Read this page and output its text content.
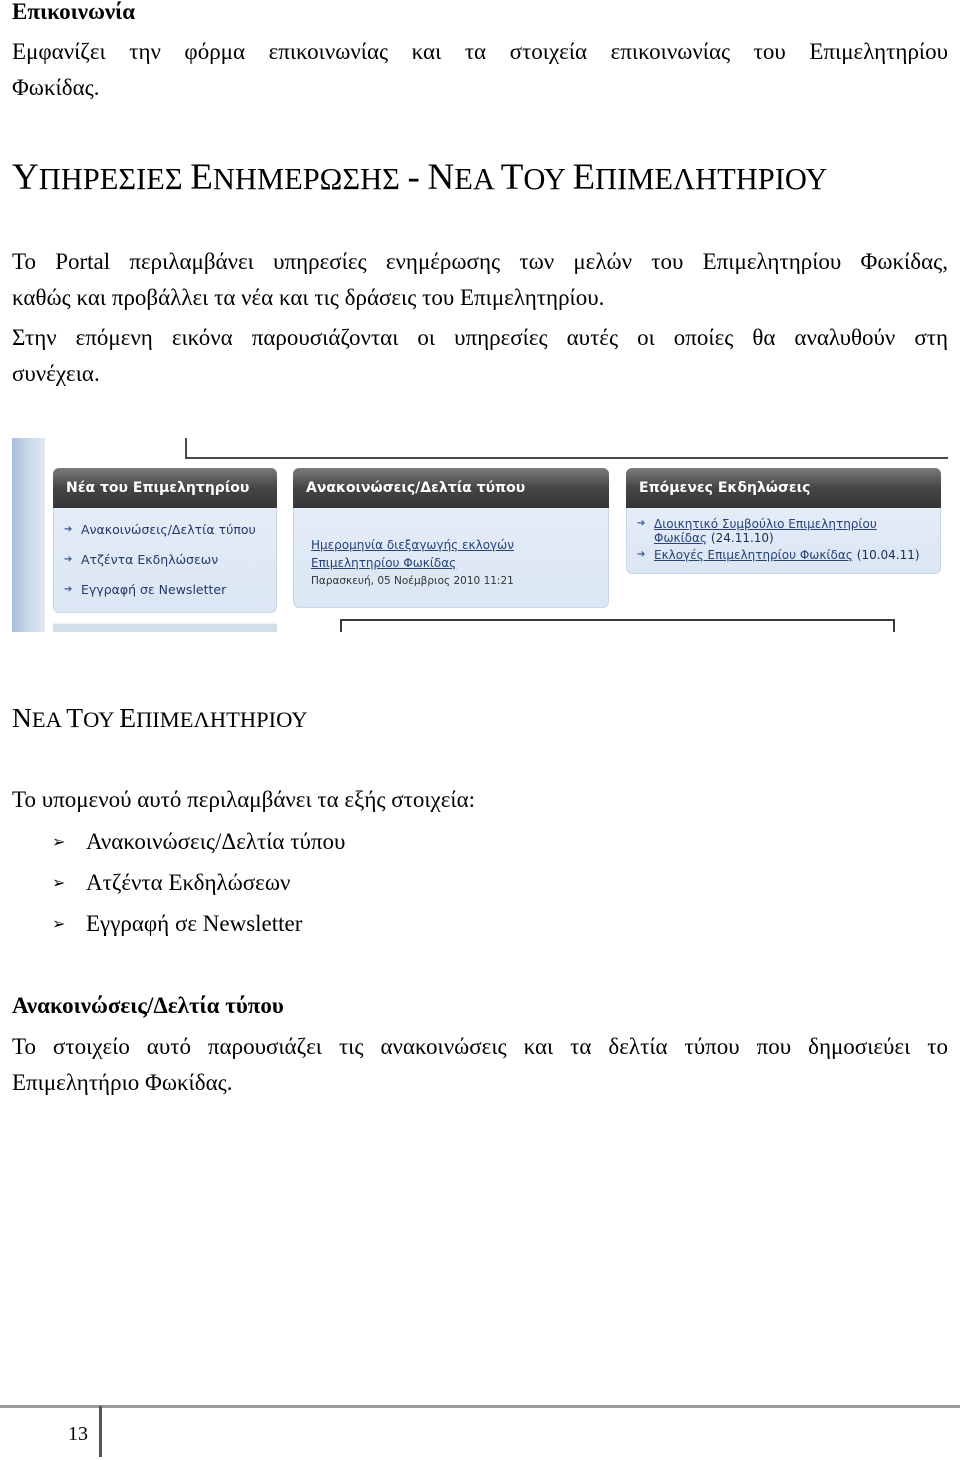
Επικοινωνία
Εμφανίζει την φόρμα επικοινωνίας και τα στοιχεία επικοινωνίας του Επιμελητηρίου
Φωκίδας.
ΥΠΗΡΕΣΙΕΣ ΕΝΗΜΕΡΩΣΗΣ - ΝΕΑ ΤΟΥ ΕΠΙΜΕΛΗΤΗΡΙΟΥ
Το Portal περιλαμβάνει υπηρεσίες ενημέρωσης των μελών του Επιμελητηρίου Φωκίδας,
καθώς και προβάλλει τα νέα και τις δράσεις του Επιμελητηρίου.
Στην επόμενη εικόνα παρουσιάζονται οι υπηρεσίες αυτές οι οποίες θα αναλυθούν στη
συνέχεια.
Νέα του Επιμελητηρίου
➔
Ανακοινώσεις/Δελτία τύπου
➔
Ατζέντα Εκδηλώσεων
➔
Εγγραφή σε Newsletter
Ανακοινώσεις/Δελτία τύπου
Ημερομηνία διεξαγωγής εκλογών Επιμελητηρίου Φωκίδας
Παρασκευή, 05 Νοέμβριος 2010 11:21
Επόμενες Εκδηλώσεις
➔
Διοικητικό Συμβούλιο Επιμελητηρίου Φωκίδας (24.11.10)
➔
Εκλογές Επιμελητηρίου Φωκίδας (10.04.11)
ΝΕΑ ΤΟΥ ΕΠΙΜΕΛΗΤΗΡΙΟΥ
Το υπομενού αυτό περιλαμβάνει τα εξής στοιχεία:
➢
Ανακοινώσεις/Δελτία τύπου
➢
Ατζέντα Εκδηλώσεων
➢
Εγγραφή σε Newsletter
Ανακοινώσεις/Δελτία τύπου
Το στοιχείο αυτό παρουσιάζει τις ανακοινώσεις και τα δελτία τύπου που δημοσιεύει το
Επιμελητήριο Φωκίδας.
13
